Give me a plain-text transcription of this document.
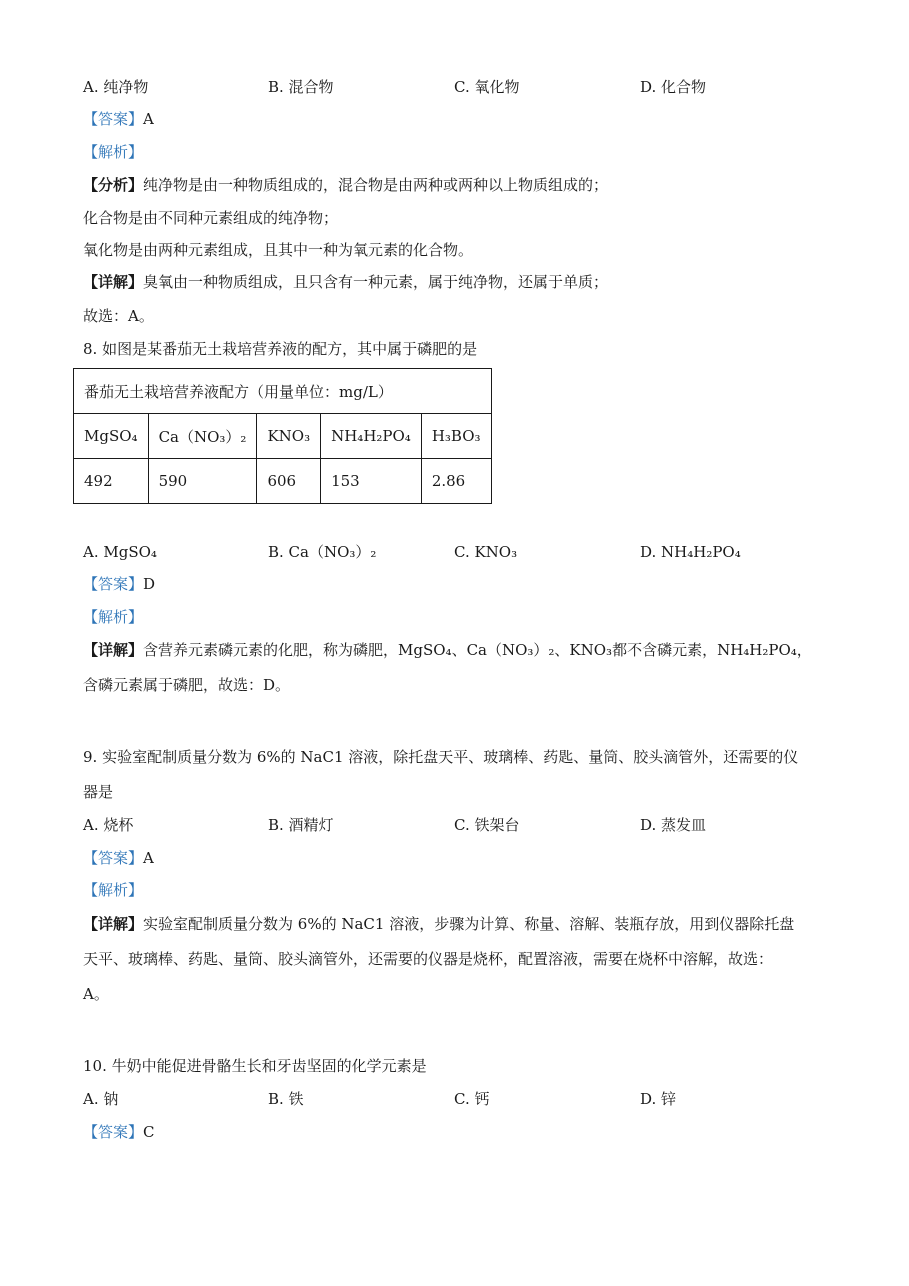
A. 纯净物	B. 混合物	C. 氧化物	D. 化合物
【答案】A
【解析】
【分析】纯净物是由一种物质组成的，混合物是由两种或两种以上物质组成的；
化合物是由不同种元素组成的纯净物；
氧化物是由两种元素组成，且其中一种为氧元素的化合物。
【详解】臭氧由一种物质组成，且只含有一种元素，属于纯净物，还属于单质；
故选：A。
8. 如图是某番茄无土栽培营养液的配方，其中属于磷肥的是
番茄无土栽培营养液配方（用量单位：mg/L）				
MgSO₄	Ca（NO₃）₂	KNO₃	NH₄H₂PO₄	H₃BO₃
492	590	606	153	2.86
A. MgSO₄	B. Ca（NO₃）₂	C. KNO₃	D. NH₄H₂PO₄
【答案】D
【解析】
【详解】含营养元素磷元素的化肥，称为磷肥，MgSO₄、Ca（NO₃）₂、KNO₃都不含磷元素，NH₄H₂PO₄，
含磷元素属于磷肥，故选：D。
9. 实验室配制质量分数为 6%的 NaC1 溶液，除托盘天平、玻璃棒、药匙、量筒、胶头滴管外，还需要的仪
器是
A. 烧杯	B. 酒精灯	C. 铁架台	D. 蒸发皿
【答案】A
【解析】
【详解】实验室配制质量分数为 6%的 NaC1 溶液，步骤为计算、称量、溶解、装瓶存放，用到仪器除托盘
天平、玻璃棒、药匙、量筒、胶头滴管外，还需要的仪器是烧杯，配置溶液，需要在烧杯中溶解，故选：
A。
10. 牛奶中能促进骨骼生长和牙齿坚固的化学元素是
A. 钠	B. 铁	C. 钙	D. 锌
【答案】C
